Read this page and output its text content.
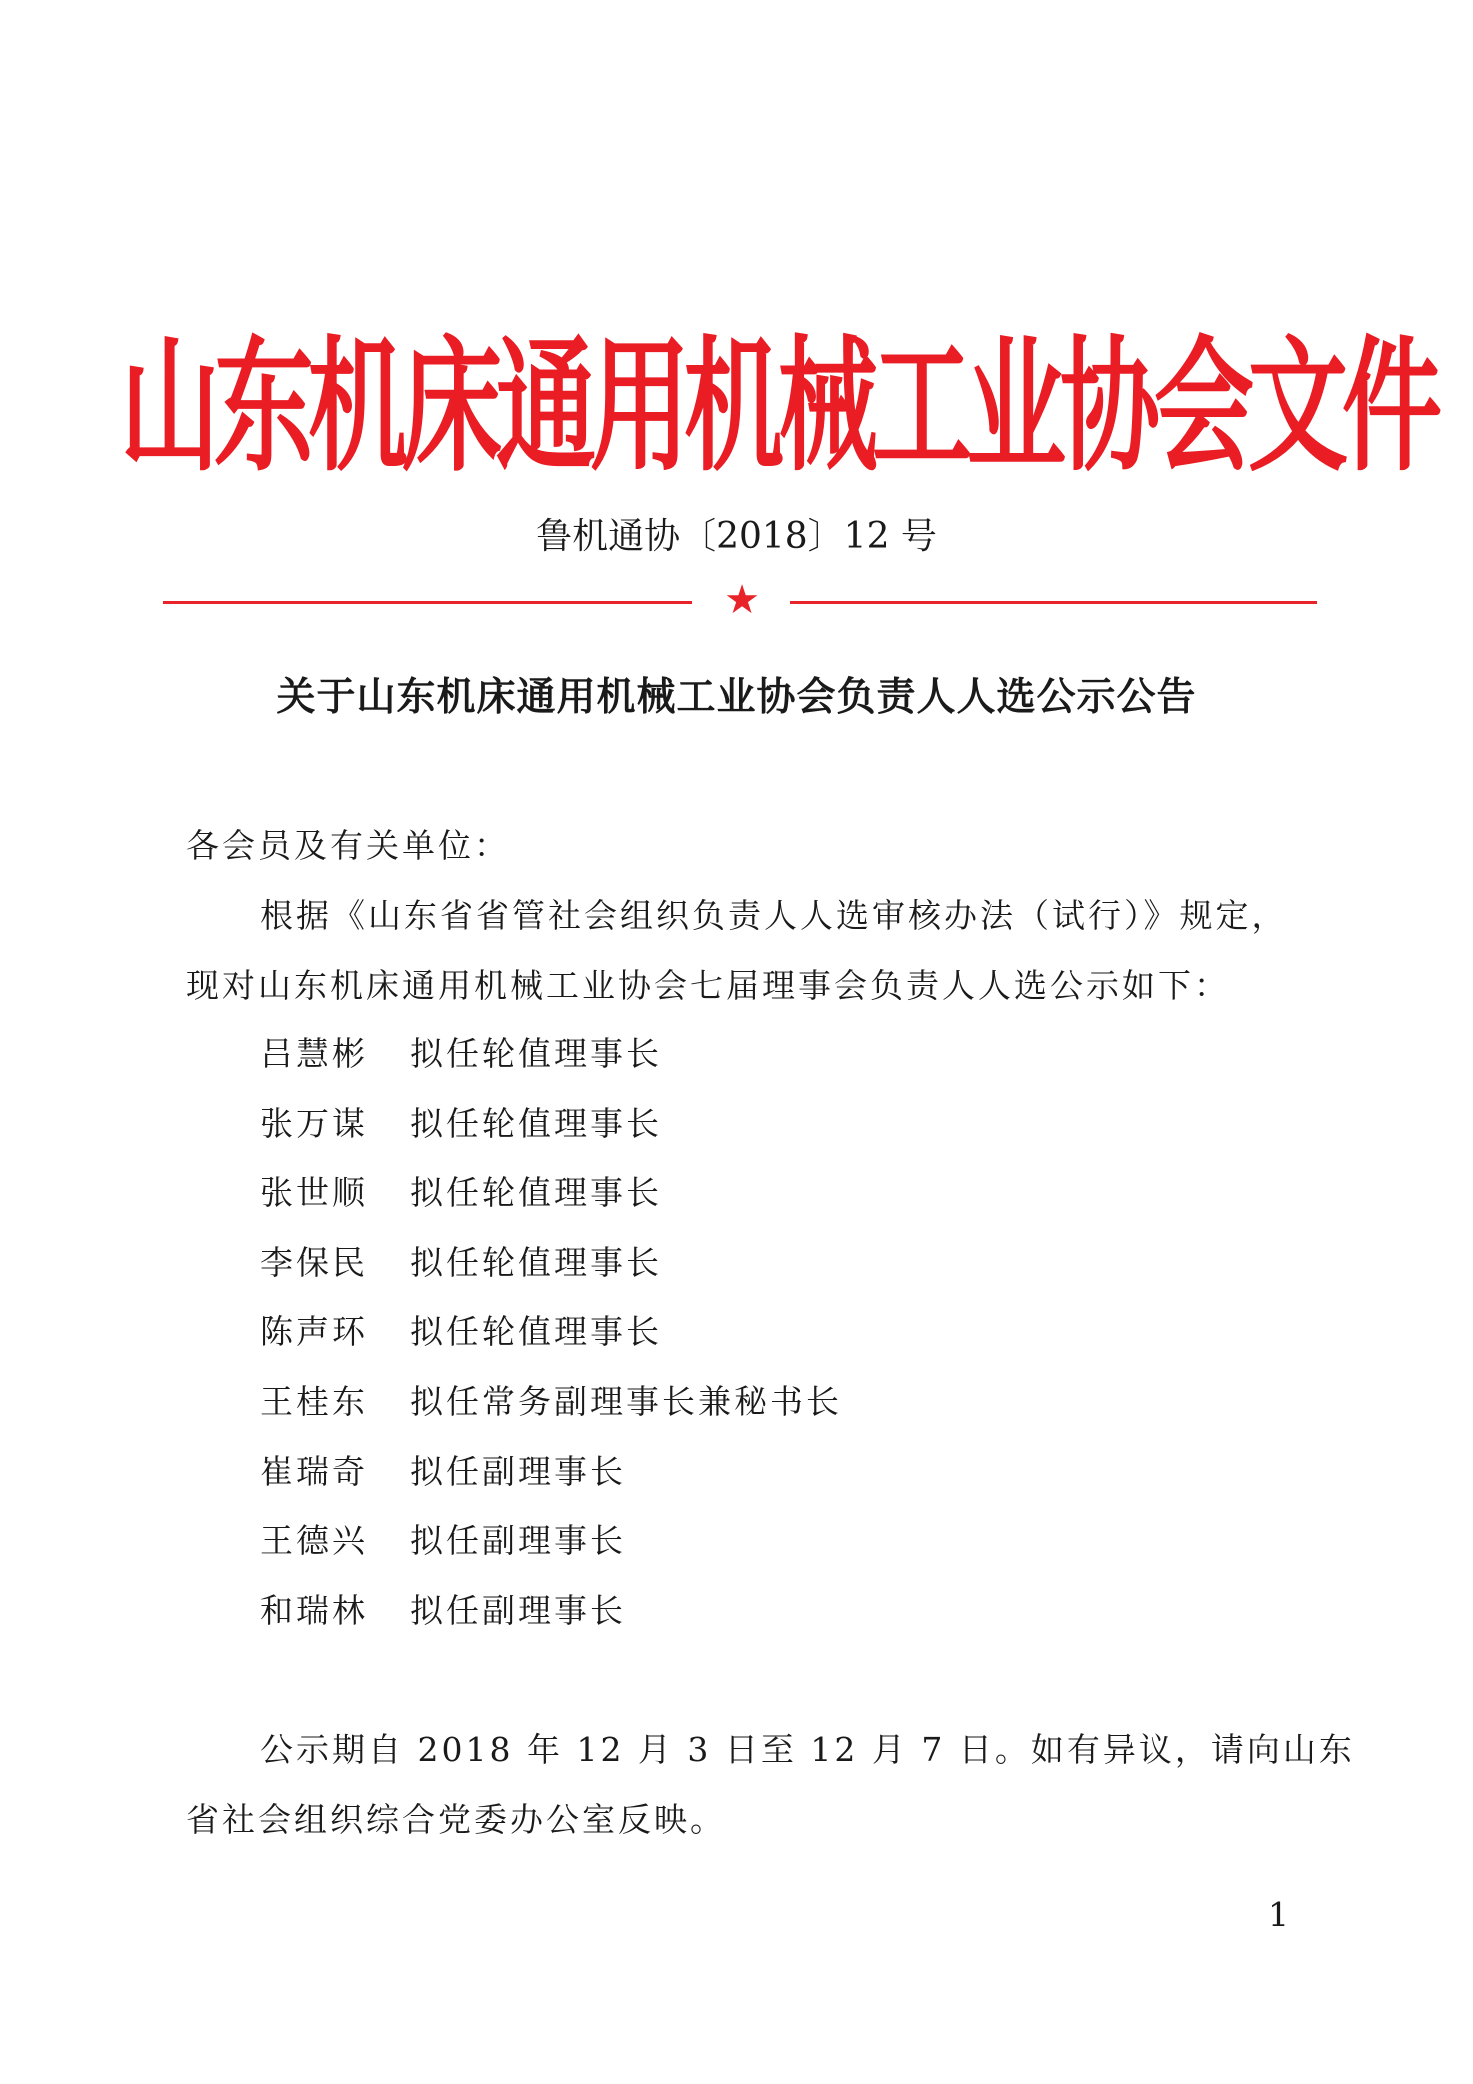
山东机床通用机械工业协会文件
鲁机通协〔2018〕12 号
★
关于山东机床通用机械工业协会负责人人选公示公告
各会员及有关单位：
根据《山东省省管社会组织负责人人选审核办法（试行）》规定，
现对山东机床通用机械工业协会七届理事会负责人人选公示如下：
吕慧彬 拟任轮值理事长
张万谋 拟任轮值理事长
张世顺 拟任轮值理事长
李保民 拟任轮值理事长
陈声环 拟任轮值理事长
王桂东 拟任常务副理事长兼秘书长
崔瑞奇 拟任副理事长
王德兴 拟任副理事长
和瑞林 拟任副理事长
公示期自 2018 年 12 月 3 日至 12 月 7 日。如有异议，请向山东
省社会组织综合党委办公室反映。
1
